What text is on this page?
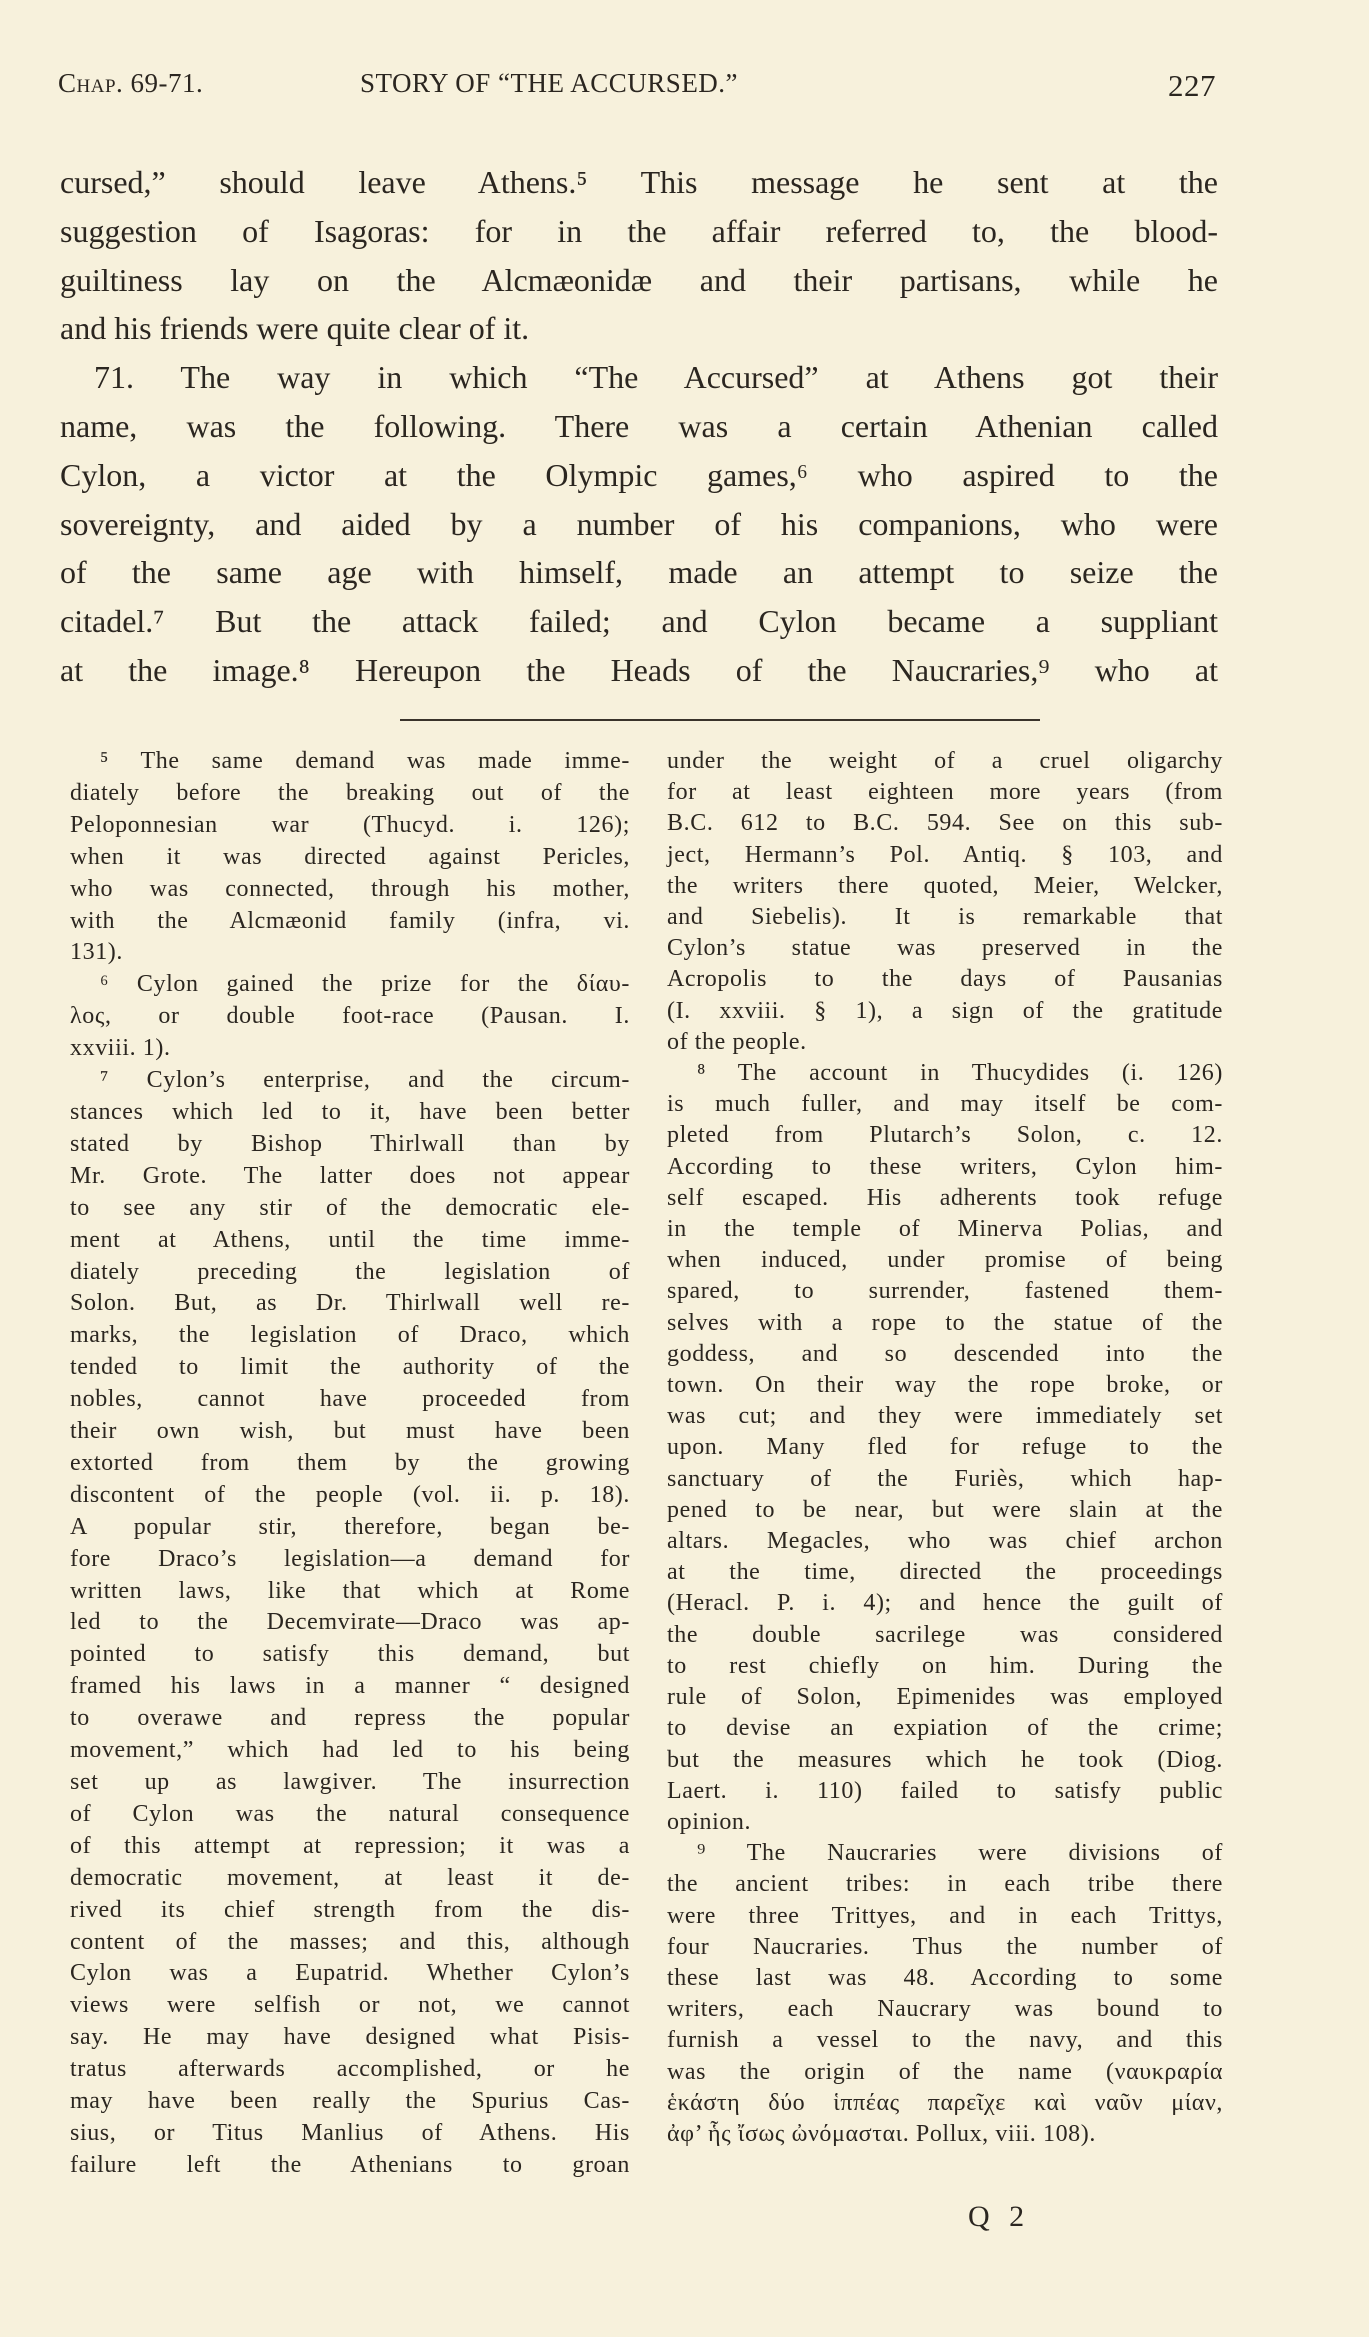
Chap. 69-71.	STORY OF “THE ACCURSED.”	227
cursed,” should leave Athens.⁵ This message he sent at the
suggestion of Isagoras: for in the affair referred to, the blood-
guiltiness lay on the Alcmæonidæ and their partisans, while he
and his friends were quite clear of it.
71. The way in which “The Accursed” at Athens got their
name, was the following. There was a certain Athenian called
Cylon, a victor at the Olympic games,⁶ who aspired to the
sovereignty, and aided by a number of his companions, who were
of the same age with himself, made an attempt to seize the
citadel.⁷ But the attack failed; and Cylon became a suppliant
at the image.⁸ Hereupon the Heads of the Naucraries,⁹ who at
⁵ The same demand was made imme-
diately before the breaking out of the
Peloponnesian war (Thucyd. i. 126);
when it was directed against Pericles,
who was connected, through his mother,
with the Alcmæonid family (infra, vi.
131).
⁶ Cylon gained the prize for the δίαυ-
λος, or double foot-race (Pausan. I.
xxviii. 1).
⁷ Cylon’s enterprise, and the circum-
stances which led to it, have been better
stated by Bishop Thirlwall than by
Mr. Grote. The latter does not appear
to see any stir of the democratic ele-
ment at Athens, until the time imme-
diately preceding the legislation of
Solon. But, as Dr. Thirlwall well re-
marks, the legislation of Draco, which
tended to limit the authority of the
nobles, cannot have proceeded from
their own wish, but must have been
extorted from them by the growing
discontent of the people (vol. ii. p. 18).
A popular stir, therefore, began be-
fore Draco’s legislation—a demand for
written laws, like that which at Rome
led to the Decemvirate—Draco was ap-
pointed to satisfy this demand, but
framed his laws in a manner “ designed
to overawe and repress the popular
movement,” which had led to his being
set up as lawgiver. The insurrection
of Cylon was the natural consequence
of this attempt at repression; it was a
democratic movement, at least it de-
rived its chief strength from the dis-
content of the masses; and this, although
Cylon was a Eupatrid. Whether Cylon’s
views were selfish or not, we cannot
say. He may have designed what Pisis-
tratus afterwards accomplished, or he
may have been really the Spurius Cas-
sius, or Titus Manlius of Athens. His
failure left the Athenians to groan
under the weight of a cruel oligarchy
for at least eighteen more years (from
B.C. 612 to B.C. 594. See on this sub-
ject, Hermann’s Pol. Antiq. § 103, and
the writers there quoted, Meier, Welcker,
and Siebelis). It is remarkable that
Cylon’s statue was preserved in the
Acropolis to the days of Pausanias
(I. xxviii. § 1), a sign of the gratitude
of the people.
⁸ The account in Thucydides (i. 126)
is much fuller, and may itself be com-
pleted from Plutarch’s Solon, c. 12.
According to these writers, Cylon him-
self escaped. His adherents took refuge
in the temple of Minerva Polias, and
when induced, under promise of being
spared, to surrender, fastened them-
selves with a rope to the statue of the
goddess, and so descended into the
town. On their way the rope broke, or
was cut; and they were immediately set
upon. Many fled for refuge to the
sanctuary of the Furiès, which hap-
pened to be near, but were slain at the
altars. Megacles, who was chief archon
at the time, directed the proceedings
(Heracl. P. i. 4); and hence the guilt of
the double sacrilege was considered
to rest chiefly on him. During the
rule of Solon, Epimenides was employed
to devise an expiation of the crime;
but the measures which he took (Diog.
Laert. i. 110) failed to satisfy public
opinion.
⁹ The Naucraries were divisions of
the ancient tribes: in each tribe there
were three Trittyes, and in each Trittys,
four Naucraries. Thus the number of
these last was 48. According to some
writers, each Naucrary was bound to
furnish a vessel to the navy, and this
was the origin of the name (ναυκραρία
ἑκάστη δύο ἱππέας παρεῖχε καὶ ναῦν μίαν,
ἀφ’ ἧς ἴσως ὠνόμασται. Pollux, viii. 108).
Q 2
